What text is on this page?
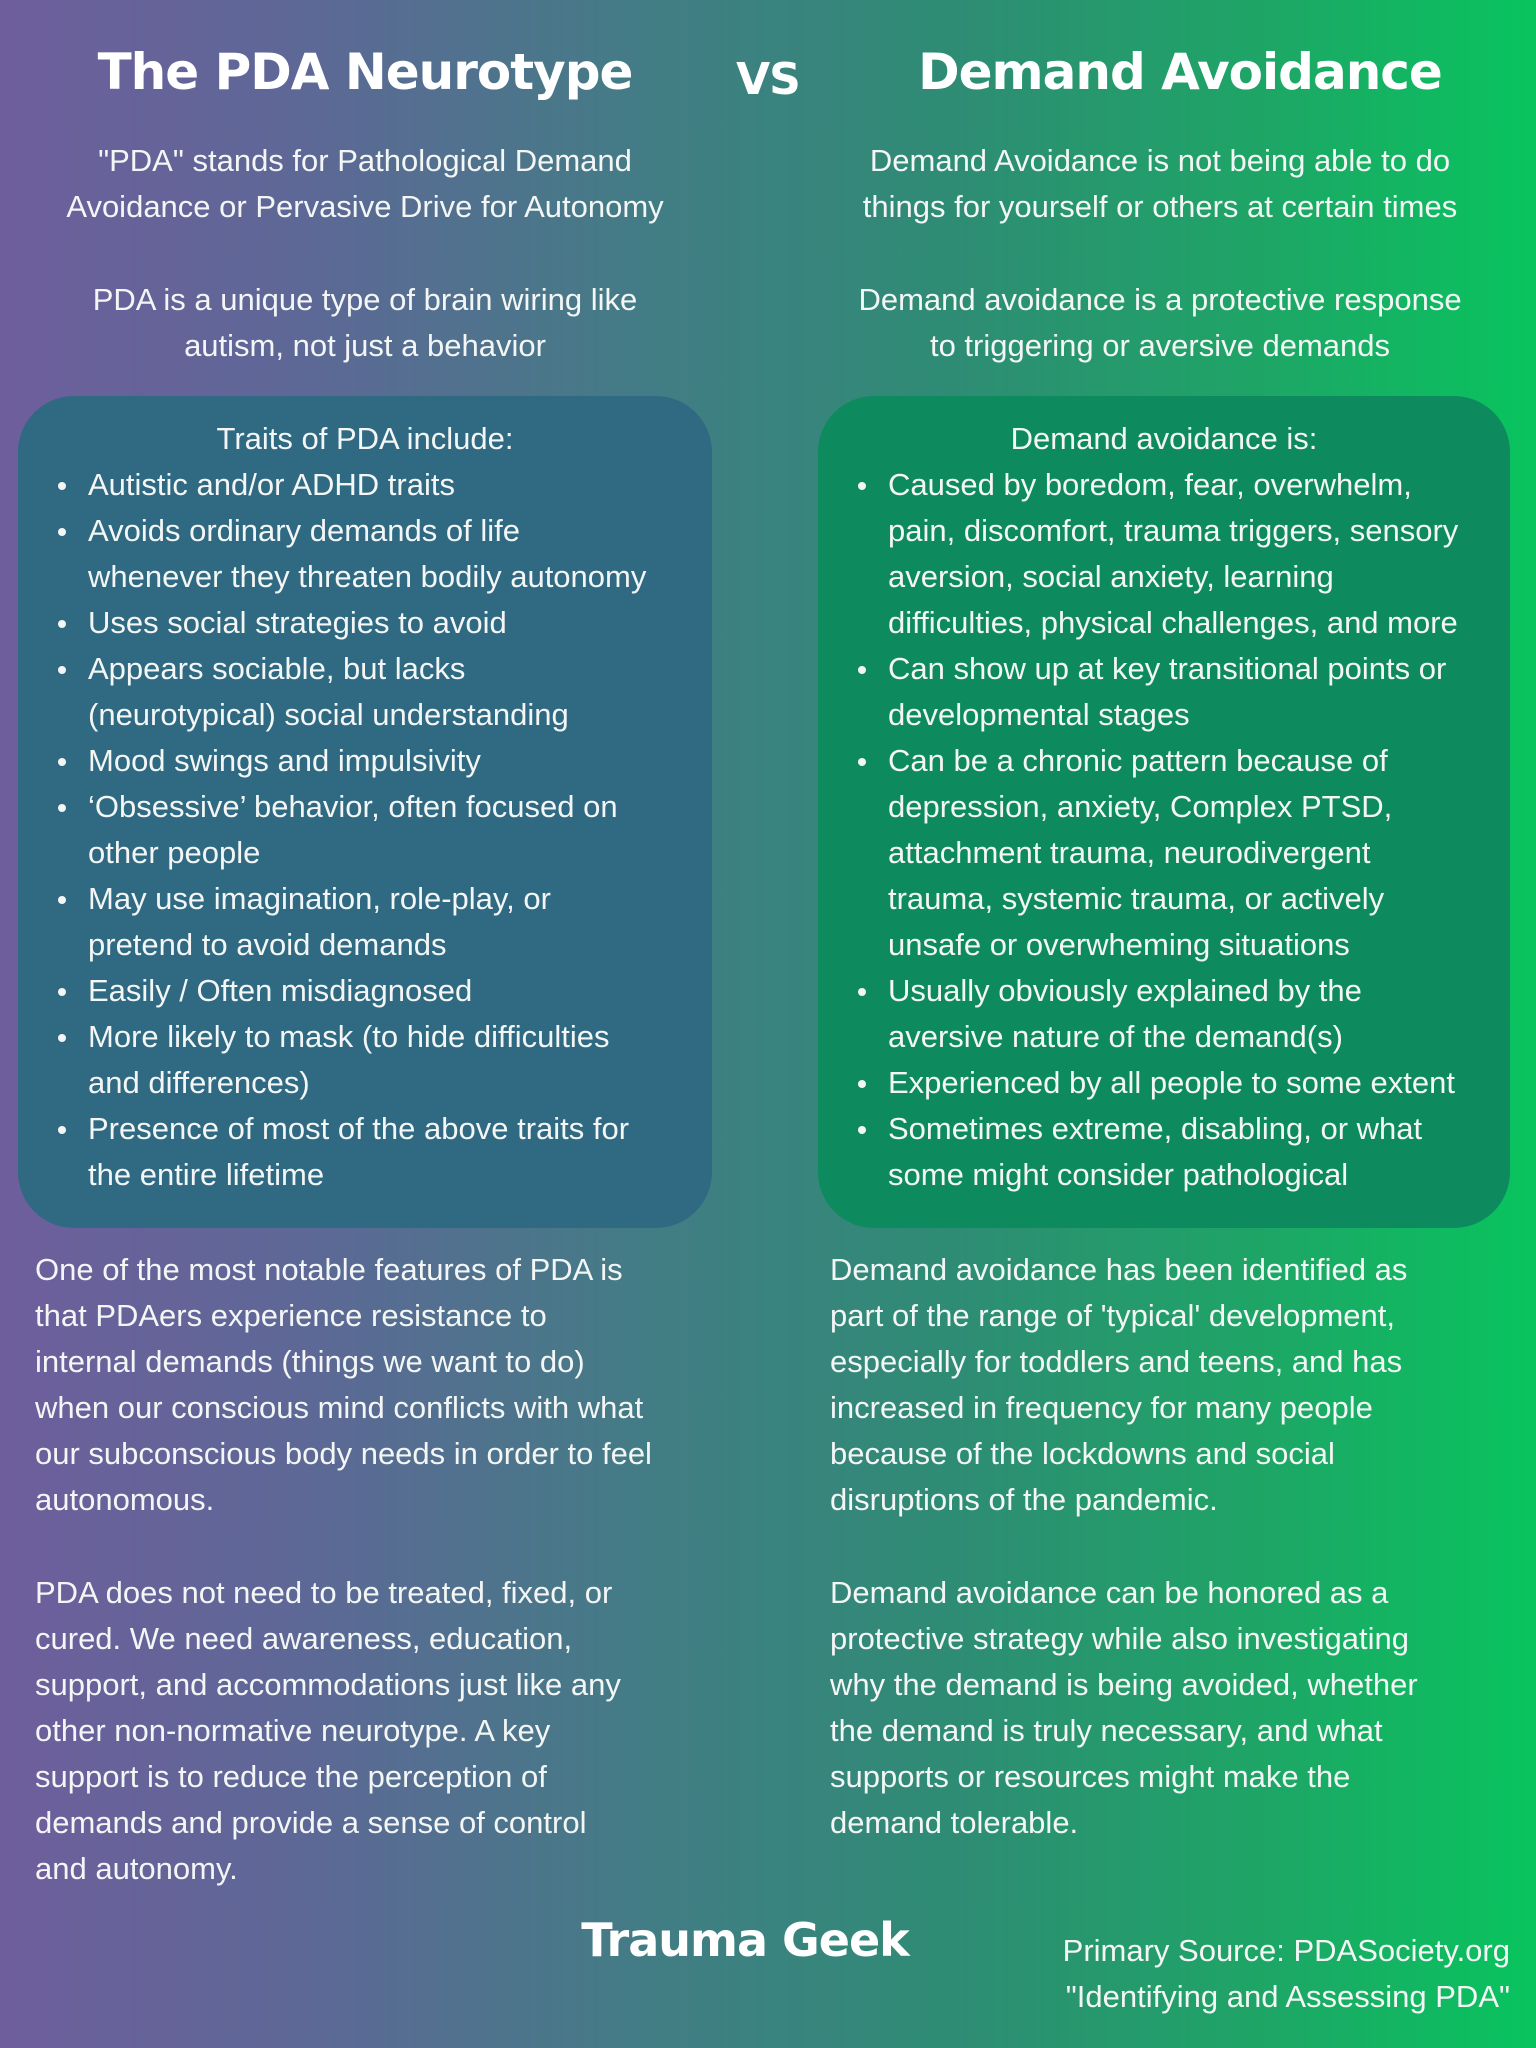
The PDA Neurotype	VS	Demand Avoidance
"PDA" stands for Pathological Demand
Avoidance or Pervasive Drive for Autonomy
PDA is a unique type of brain wiring like
autism, not just a behavior
Demand Avoidance is not being able to do
things for yourself or others at certain times
Demand avoidance is a protective response
to triggering or aversive demands
Traits of PDA include:
Autistic and/or ADHD traits
Avoids ordinary demands of life
whenever they threaten bodily autonomy
Uses social strategies to avoid
Appears sociable, but lacks
(neurotypical) social understanding
Mood swings and impulsivity
‘Obsessive’ behavior, often focused on
other people
May use imagination, role-play, or
pretend to avoid demands
Easily / Often misdiagnosed
More likely to mask (to hide difficulties
and differences)
Presence of most of the above traits for
the entire lifetime
Demand avoidance is:
Caused by boredom, fear, overwhelm,
pain, discomfort, trauma triggers, sensory
aversion, social anxiety, learning
difficulties, physical challenges, and more
Can show up at key transitional points or
developmental stages
Can be a chronic pattern because of
depression, anxiety, Complex PTSD,
attachment trauma, neurodivergent
trauma, systemic trauma, or actively
unsafe or overwheming situations
Usually obviously explained by the
aversive nature of the demand(s)
Experienced by all people to some extent
Sometimes extreme, disabling, or what
some might consider pathological
One of the most notable features of PDA is
that PDAers experience resistance to
internal demands (things we want to do)
when our conscious mind conflicts with what
our subconscious body needs in order to feel
autonomous.
PDA does not need to be treated, fixed, or
cured. We need awareness, education,
support, and accommodations just like any
other non-normative neurotype. A key
support is to reduce the perception of
demands and provide a sense of control
and autonomy.
Demand avoidance has been identified as
part of the range of 'typical' development,
especially for toddlers and teens, and has
increased in frequency for many people
because of the lockdowns and social
disruptions of the pandemic.
Demand avoidance can be honored as a
protective strategy while also investigating
why the demand is being avoided, whether
the demand is truly necessary, and what
supports or resources might make the
demand tolerable.
Trauma Geek	Primary Source: PDASociety.org
"Identifying and Assessing PDA"
